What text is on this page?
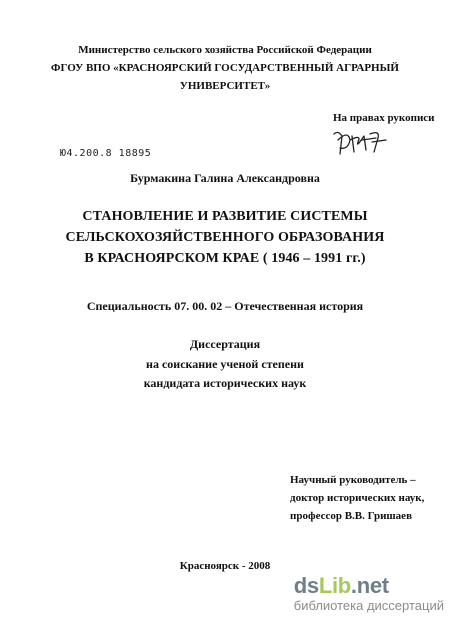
Министерство сельского хозяйства Российской Федерации
ФГОУ ВПО «КРАСНОЯРСКИЙ ГОСУДАРСТВЕННЫЙ АГРАРНЫЙ
УНИВЕРСИТЕТ»
На правах рукописи
Ю4.200.8 18895
Бурмакина Галина Александровна
СТАНОВЛЕНИЕ И РАЗВИТИЕ СИСТЕМЫ
СЕЛЬСКОХОЗЯЙСТВЕННОГО ОБРАЗОВАНИЯ
В КРАСНОЯРСКОМ КРАЕ ( 1946 – 1991 гг.)
Специальность 07. 00. 02 – Отечественная история
Диссертация
на соискание ученой степени
кандидата исторических наук
Научный руководитель –
доктор исторических наук,
профессор В.В. Гришаев
Красноярск - 2008
dsLib.net
библиотека диссертаций
